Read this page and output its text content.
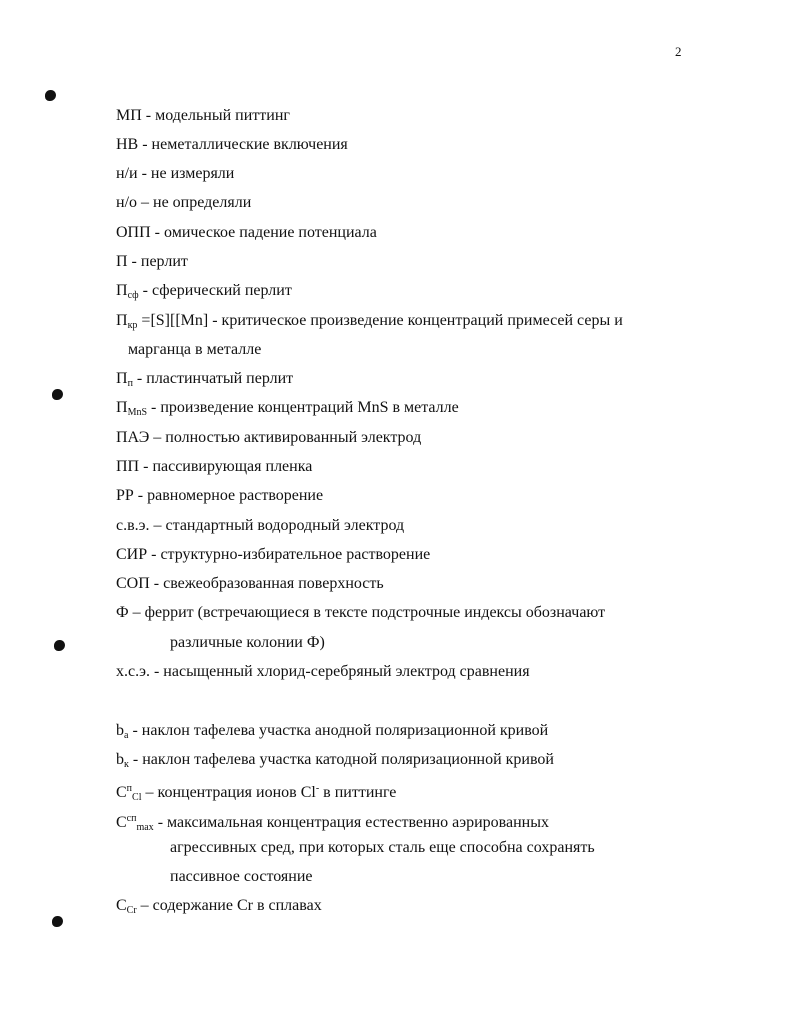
2
МП - модельный питтинг
НВ - неметаллические включения
н/и - не измеряли
н/о – не определяли
ОПП - омическое падение потенциала
П - перлит
$П_{сф}$ - сферический перлит
$П_{кр} =[S][[Mn]$ - критическое произведение концентраций примесей серы и
марганца в металле
$П_п$ - пластинчатый перлит
$П_{MnS}$ - произведение концентраций MnS в металле
ПАЭ – полностью активированный электрод
ПП - пассивирующая пленка
РР - равномерное растворение
с.в.э. – стандартный водородный электрод
СИР - структурно-избирательное растворение
СОП - свежеобразованная поверхность
Ф – феррит (встречающиеся в тексте подстрочные индексы обозначают
различные колонии Ф)
х.с.э. - насыщенный хлорид-серебряный электрод сравнения
$b_a$ - наклон тафелева участка анодной поляризационной кривой
$b_к$ - наклон тафелева участка катодной поляризационной кривой
$C^п_{Cl}$ – концентрация ионов Cl- в питтинге
$C^{сп}_{max}$ - максимальная концентрация естественно аэрированных
агрессивных сред, при которых сталь еще способна сохранять
пассивное состояние
$C_{Cr}$ – содержание Cr в сплавах
